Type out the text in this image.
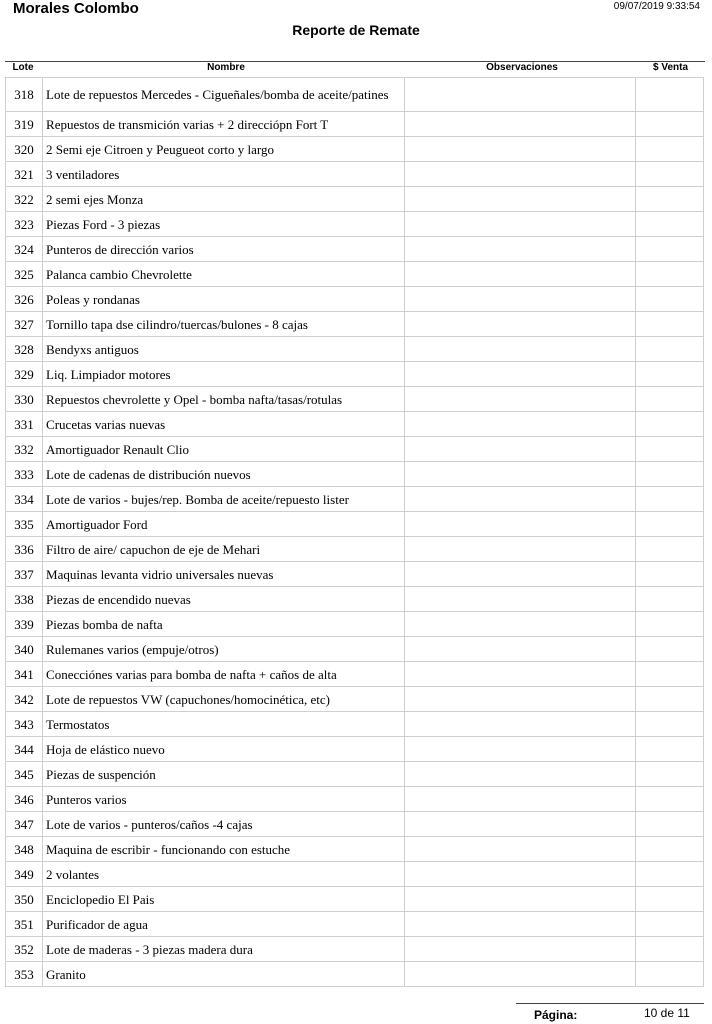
Morales Colombo	09/07/2019 9:33:54
Reporte de Remate
Lote	Nombre	Observaciones	$ Venta
318	Lote de repuestos Mercedes - Cigueñales/bomba de aceite/patines		
319	Repuestos de transmición varias + 2 direcciópn Fort T		
320	2 Semi eje Citroen y Peugueot corto y largo		
321	3 ventiladores		
322	2 semi ejes Monza		
323	Piezas Ford - 3 piezas		
324	Punteros de dirección varios		
325	Palanca cambio Chevrolette		
326	Poleas y rondanas		
327	Tornillo tapa dse cilindro/tuercas/bulones - 8 cajas		
328	Bendyxs antiguos		
329	Liq. Limpiador motores		
330	Repuestos chevrolette y Opel - bomba nafta/tasas/rotulas		
331	Crucetas varias nuevas		
332	Amortiguador Renault Clio		
333	Lote de cadenas de distribución nuevos		
334	Lote de varios - bujes/rep. Bomba de aceite/repuesto lister		
335	Amortiguador Ford		
336	Filtro de aire/ capuchon de eje de Mehari		
337	Maquinas levanta vidrio universales nuevas		
338	Piezas de encendido nuevas		
339	Piezas bomba de nafta		
340	Rulemanes varios (empuje/otros)		
341	Conecciónes varias para bomba de nafta + caños de alta		
342	Lote de repuestos VW (capuchones/homocinética, etc)		
343	Termostatos		
344	Hoja de elástico nuevo		
345	Piezas de suspención		
346	Punteros varios		
347	Lote de varios - punteros/caños -4 cajas		
348	Maquina de escribir - funcionando con estuche		
349	2 volantes		
350	Enciclopedio El Pais		
351	Purificador de agua		
352	Lote de maderas - 3 piezas madera dura		
353	Granito		
Página:	10 de 11
